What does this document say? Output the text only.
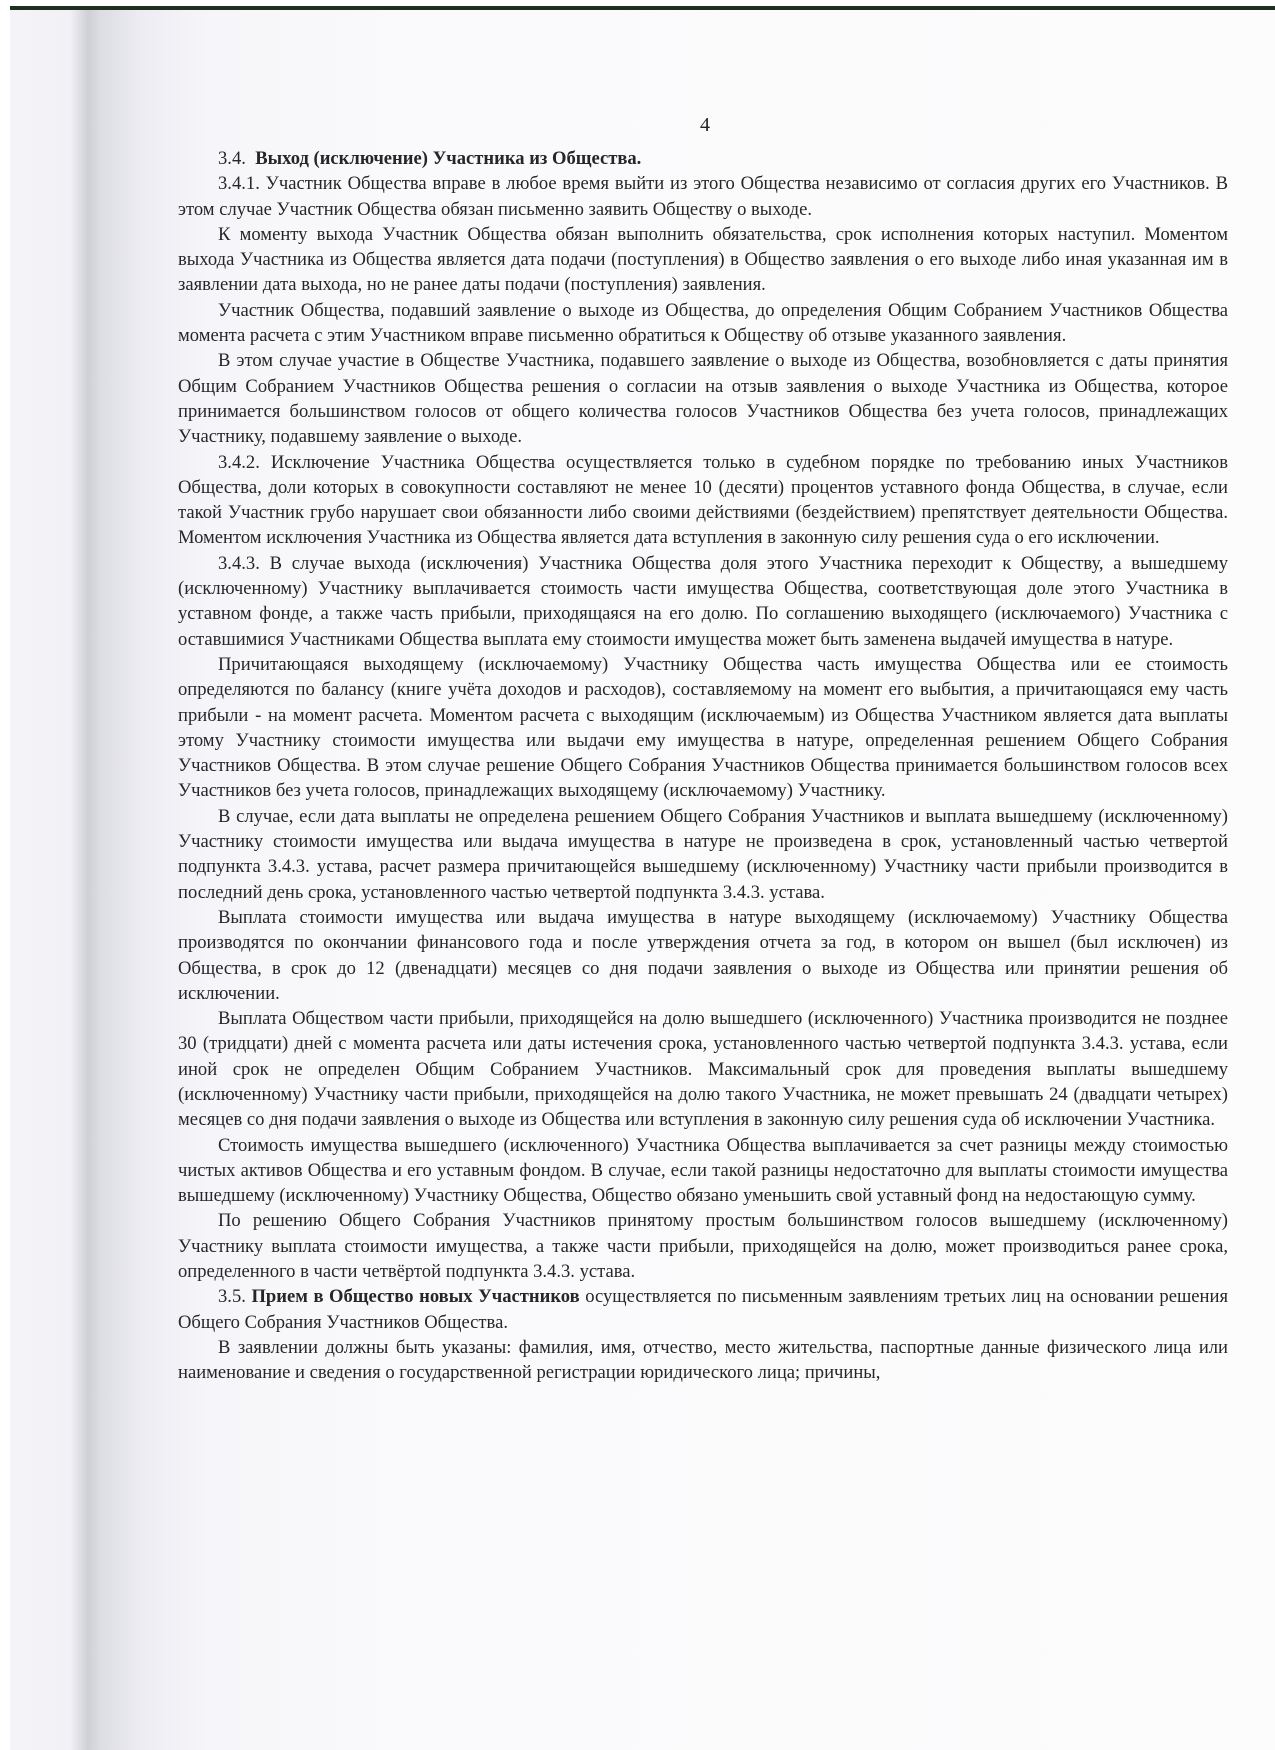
4

3.4. Выход (исключение) Участника из Общества.

3.4.1. Участник Общества вправе в любое время выйти из этого Общества независимо от согласия других его Участников. В этом случае Участник Общества обязан письменно заявить Обществу о выходе.

К моменту выхода Участник Общества обязан выполнить обязательства, срок исполнения которых наступил. Моментом выхода Участника из Общества является дата подачи (поступления) в Общество заявления о его выходе либо иная указанная им в заявлении дата выхода, но не ранее даты подачи (поступления) заявления.

Участник Общества, подавший заявление о выходе из Общества, до определения Общим Собранием Участников Общества момента расчета с этим Участником вправе письменно обратиться к Обществу об отзыве указанного заявления.

В этом случае участие в Обществе Участника, подавшего заявление о выходе из Общества, возобновляется с даты принятия Общим Собранием Участников Общества решения о согласии на отзыв заявления о выходе Участника из Общества, которое принимается большинством голосов от общего количества голосов Участников Общества без учета голосов, принадлежащих Участнику, подавшему заявление о выходе.

3.4.2. Исключение Участника Общества осуществляется только в судебном порядке по требованию иных Участников Общества, доли которых в совокупности составляют не менее 10 (десяти) процентов уставного фонда Общества, в случае, если такой Участник грубо нарушает свои обязанности либо своими действиями (бездействием) препятствует деятельности Общества. Моментом исключения Участника из Общества является дата вступления в законную силу решения суда о его исключении.

3.4.3. В случае выхода (исключения) Участника Общества доля этого Участника переходит к Обществу, а вышедшему (исключенному) Участнику выплачивается стоимость части имущества Общества, соответствующая доле этого Участника в уставном фонде, а также часть прибыли, приходящаяся на его долю. По соглашению выходящего (исключаемого) Участника с оставшимися Участниками Общества выплата ему стоимости имущества может быть заменена выдачей имущества в натуре.

Причитающаяся выходящему (исключаемому) Участнику Общества часть имущества Общества или ее стоимость определяются по балансу (книге учёта доходов и расходов), составляемому на момент его выбытия, а причитающаяся ему часть прибыли - на момент расчета. Моментом расчета с выходящим (исключаемым) из Общества Участником является дата выплаты этому Участнику стоимости имущества или выдачи ему имущества в натуре, определенная решением Общего Собрания Участников Общества. В этом случае решение Общего Собрания Участников Общества принимается большинством голосов всех Участников без учета голосов, принадлежащих выходящему (исключаемому) Участнику.

В случае, если дата выплаты не определена решением Общего Собрания Участников и выплата вышедшему (исключенному) Участнику стоимости имущества или выдача имущества в натуре не произведена в срок, установленный частью четвертой подпункта 3.4.3. устава, расчет размера причитающейся вышедшему (исключенному) Участнику части прибыли производится в последний день срока, установленного частью четвертой подпункта 3.4.3. устава.

Выплата стоимости имущества или выдача имущества в натуре выходящему (исключаемому) Участнику Общества производятся по окончании финансового года и после утверждения отчета за год, в котором он вышел (был исключен) из Общества, в срок до 12 (двенадцати) месяцев со дня подачи заявления о выходе из Общества или принятии решения об исключении.

Выплата Обществом части прибыли, приходящейся на долю вышедшего (исключенного) Участника производится не позднее 30 (тридцати) дней с момента расчета или даты истечения срока, установленного частью четвертой подпункта 3.4.3. устава, если иной срок не определен Общим Собранием Участников. Максимальный срок для проведения выплаты вышедшему (исключенному) Участнику части прибыли, приходящейся на долю такого Участника, не может превышать 24 (двадцати четырех) месяцев со дня подачи заявления о выходе из Общества или вступления в законную силу решения суда об исключении Участника.

Стоимость имущества вышедшего (исключенного) Участника Общества выплачивается за счет разницы между стоимостью чистых активов Общества и его уставным фондом. В случае, если такой разницы недостаточно для выплаты стоимости имущества вышедшему (исключенному) Участнику Общества, Общество обязано уменьшить свой уставный фонд на недостающую сумму.

По решению Общего Собрания Участников принятому простым большинством голосов вышедшему (исключенному) Участнику выплата стоимости имущества, а также части прибыли, приходящейся на долю, может производиться ранее срока, определенного в части четвёртой подпункта 3.4.3. устава.

3.5. Прием в Общество новых Участников осуществляется по письменным заявлениям третьих лиц на основании решения Общего Собрания Участников Общества.

В заявлении должны быть указаны: фамилия, имя, отчество, место жительства, паспортные данные физического лица или наименование и сведения о государственной регистрации юридического лица; причины,
